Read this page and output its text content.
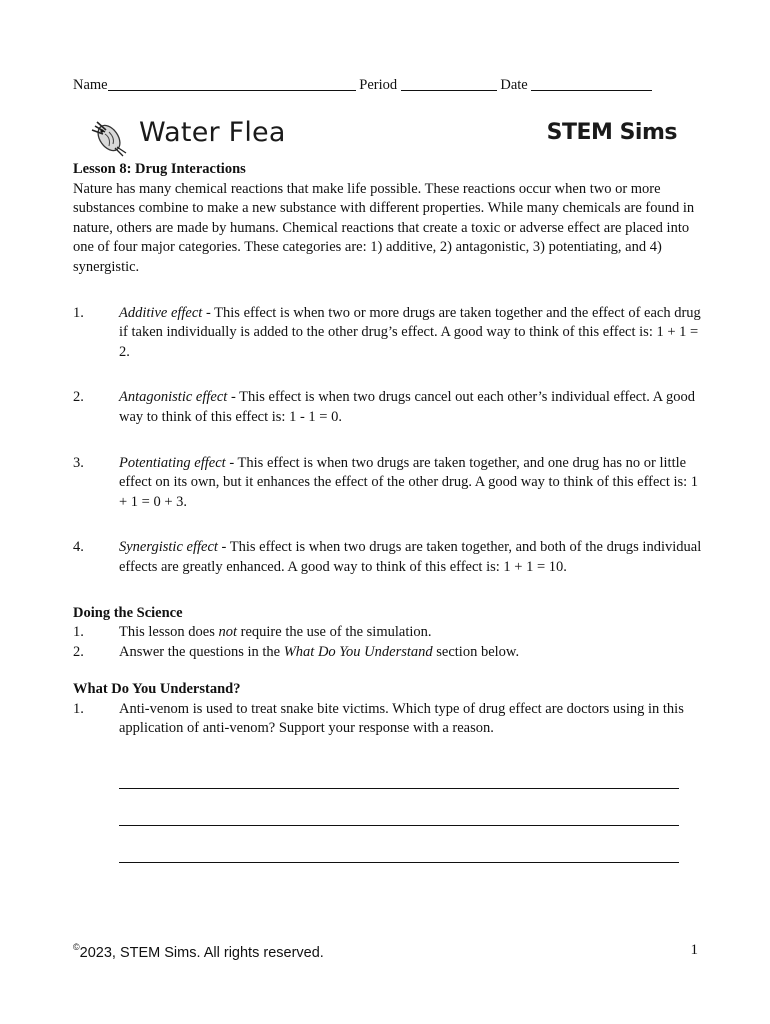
Name	Period	Date
Water Flea	STEM Sims
Lesson 8: Drug Interactions

Nature has many chemical reactions that make life possible. These reactions occur when two or more substances combine to make a new substance with different properties. While many chemicals are found in nature, others are made by humans. Chemical reactions that create a toxic or adverse effect are placed into one of four major categories. These categories are: 1) additive, 2) antagonistic, 3) potentiating, and 4) synergistic.

1.	Additive effect - This effect is when two or more drugs are taken together and the effect of each drug if taken individually is added to the other drug’s effect. A good way to think of this effect is: 1 + 1 = 2.
2.	Antagonistic effect - This effect is when two drugs cancel out each other’s individual effect. A good way to think of this effect is: 1 - 1 = 0.
3.	Potentiating effect - This effect is when two drugs are taken together, and one drug has no or little effect on its own, but it enhances the effect of the other drug. A good way to think of this effect is: 1 + 1 = 0 + 3.
4.	Synergistic effect - This effect is when two drugs are taken together, and both of the drugs individual effects are greatly enhanced. A good way to think of this effect is: 1 + 1 = 10.
Doing the Science
1.	This lesson does not require the use of the simulation.
2.	Answer the questions in the What Do You Understand section below.
What Do You Understand?
1.	Anti-venom is used to treat snake bite victims. Which type of drug effect are doctors using in this application of anti-venom? Support your response with a reason.
©2023, STEM Sims. All rights reserved.	1
